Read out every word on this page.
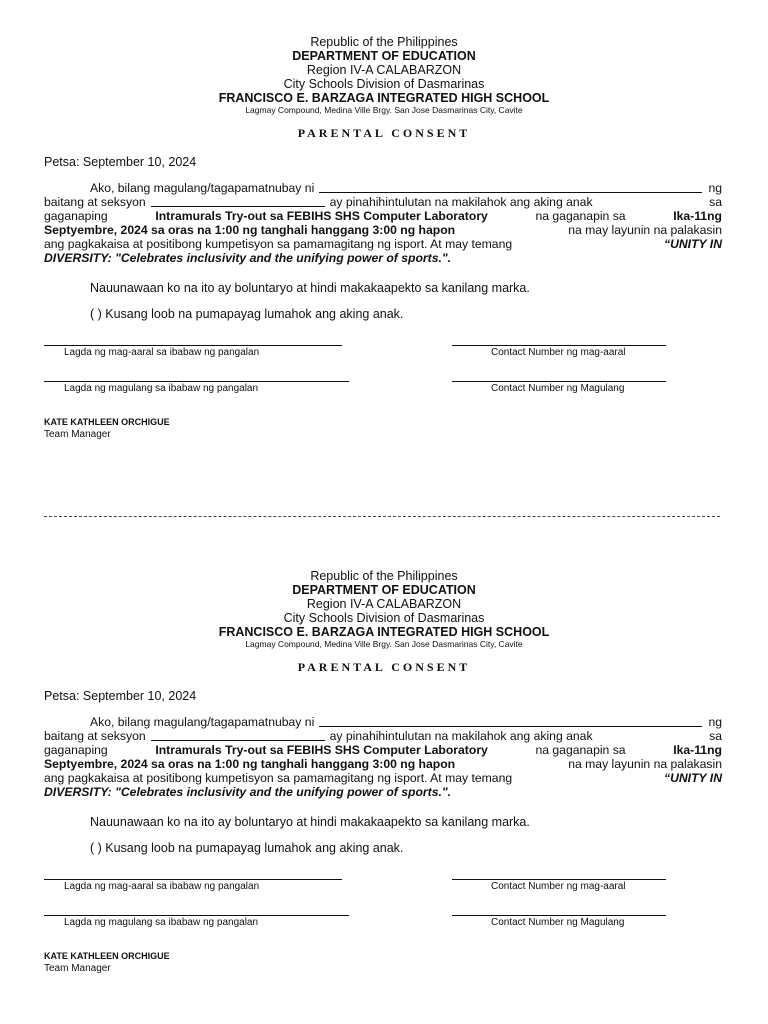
Republic of the Philippines
DEPARTMENT OF EDUCATION
Region IV-A CALABARZON
City Schools Division of Dasmarinas
FRANCISCO E. BARZAGA INTEGRATED HIGH SCHOOL
Lagmay Compound, Medina Ville Brgy. San Jose Dasmarinas City, Cavite
PARENTAL CONSENT
Petsa: September 10, 2024
Ako, bilang magulang/tagapamatnubay ni	ng
baitang at seksyon	ay pinahihintulutan na makilahok ang aking anak	sa
gaganaping	Intramurals Try-out sa FEBIHS SHS Computer Laboratory	na gaganapin sa	Ika-11ng
Septyembre, 2024 sa oras na 1:00 ng tanghali hanggang 3:00 ng hapon	na may layunin na palakasin
ang pagkakaisa at positibong kumpetisyon sa pamamagitang ng isport. At may temang	“UNITY IN
DIVERSITY: "Celebrates inclusivity and the unifying power of sports.".
Nauunawaan ko na ito ay boluntaryo at hindi makakaapekto sa kanilang marka.
( ) Kusang loob na pumapayag lumahok ang aking anak.
Lagda ng mag-aaral sa ibabaw ng pangalan	Contact Number ng mag-aaral
Lagda ng magulang sa ibabaw ng pangalan	Contact Number ng Magulang
KATE KATHLEEN ORCHIGUE
Team Manager
Republic of the Philippines
DEPARTMENT OF EDUCATION
Region IV-A CALABARZON
City Schools Division of Dasmarinas
FRANCISCO E. BARZAGA INTEGRATED HIGH SCHOOL
Lagmay Compound, Medina Ville Brgy. San Jose Dasmarinas City, Cavite
PARENTAL CONSENT
Petsa: September 10, 2024
Ako, bilang magulang/tagapamatnubay ni	ng
baitang at seksyon	ay pinahihintulutan na makilahok ang aking anak	sa
gaganaping	Intramurals Try-out sa FEBIHS SHS Computer Laboratory	na gaganapin sa	Ika-11ng
Septyembre, 2024 sa oras na 1:00 ng tanghali hanggang 3:00 ng hapon	na may layunin na palakasin
ang pagkakaisa at positibong kumpetisyon sa pamamagitang ng isport. At may temang	“UNITY IN
DIVERSITY: "Celebrates inclusivity and the unifying power of sports.".
Nauunawaan ko na ito ay boluntaryo at hindi makakaapekto sa kanilang marka.
( ) Kusang loob na pumapayag lumahok ang aking anak.
Lagda ng mag-aaral sa ibabaw ng pangalan	Contact Number ng mag-aaral
Lagda ng magulang sa ibabaw ng pangalan	Contact Number ng Magulang
KATE KATHLEEN ORCHIGUE
Team Manager
